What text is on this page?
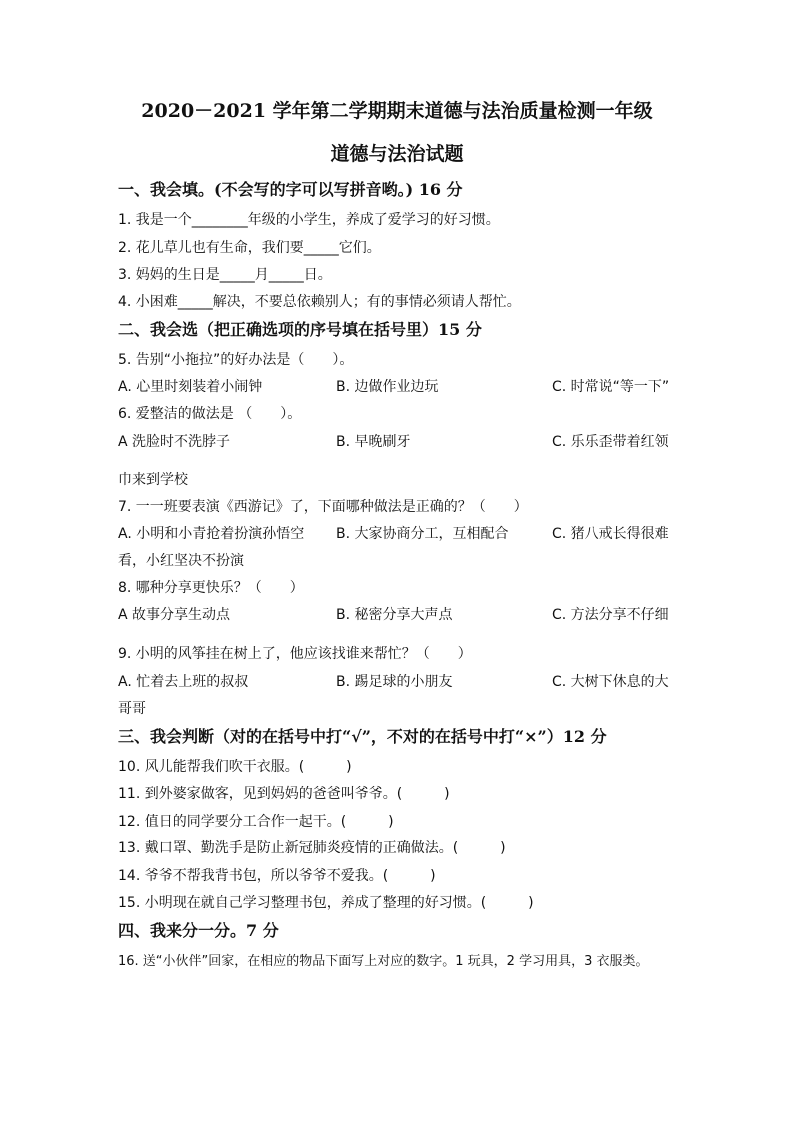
2020－2021 学年第二学期期末道德与法治质量检测一年级

道德与法治试题

一、我会填。(不会写的字可以写拼音哟。) 16 分

1. 我是一个________年级的小学生，养成了爱学习的好习惯。

2. 花儿草儿也有生命，我们要_____它们。

3. 妈妈的生日是_____月_____日。

4. 小困难_____解决，不要总依赖别人；有的事情必须请人帮忙。

二、我会选（把正确选项的序号填在括号里）15 分

5. 告别“小拖拉”的好办法是（　　）。

A. 心里时刻装着小闹钟	B. 边做作业边玩	C. 时常说“等一下”

6. 爱整洁的做法是 （　　）。

A 洗脸时不洗脖子	B. 早晚刷牙	C. 乐乐歪带着红领
巾来到学校

7. 一一班要表演《西游记》了，下面哪种做法是正确的？（　　）

A. 小明和小青抢着扮演孙悟空 B. 大家协商分工，互相配合	C. 猪八戒长得很难
看，小红坚决不扮演

8. 哪种分享更快乐？（　　）

A 故事分享生动点	B. 秘密分享大声点	C. 方法分享不仔细

9. 小明的风筝挂在树上了，他应该找谁来帮忙？（　　）

A. 忙着去上班的叔叔	B. 踢足球的小朋友	C. 大树下休息的大
哥哥

三、我会判断（对的在括号中打“√”，不对的在括号中打“×”）12 分

10. 风儿能帮我们吹干衣服。(　　　)

11. 到外婆家做客，见到妈妈的爸爸叫爷爷。(　　　)

12. 值日的同学要分工合作一起干。(　　　)

13. 戴口罩、勤洗手是防止新冠肺炎疫情的正确做法。(　　　)

14. 爷爷不帮我背书包，所以爷爷不爱我。(　　　)

15. 小明现在就自己学习整理书包，养成了整理的好习惯。(　　　)

四、我来分一分。7 分

16. 送“小伙伴”回家，在相应的物品下面写上对应的数字。1 玩具，2 学习用具，3 衣服类。
